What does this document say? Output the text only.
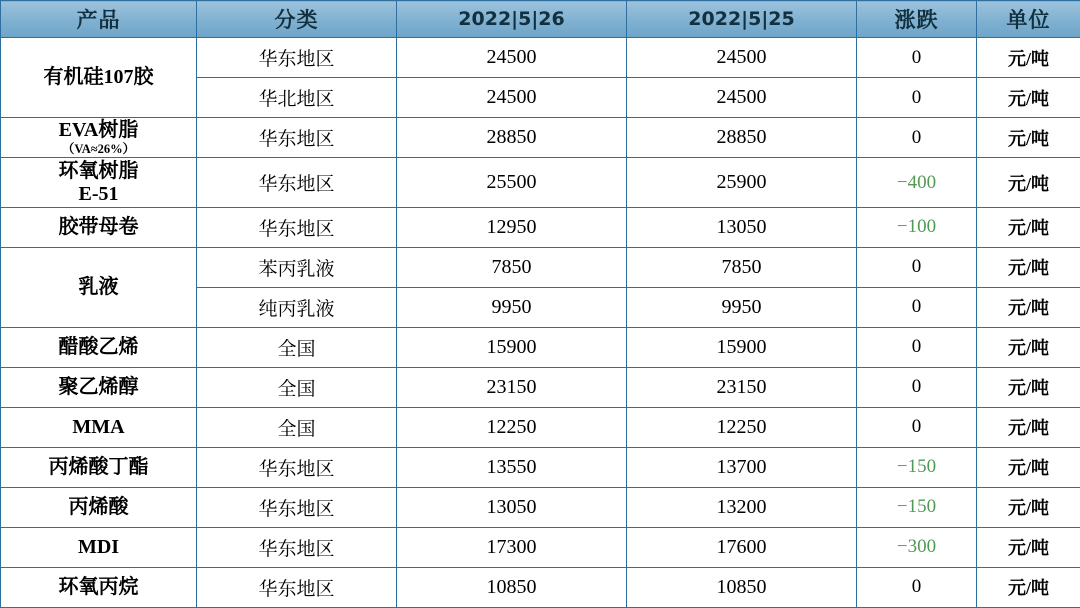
产品	分类	2022|5|26	2022|5|25	涨跌	单位
有机硅107胶	华东地区	24500	24500	0	元/吨
	华北地区	24500	24500	0	元/吨

EVA树脂
（VA≈26%）	华东地区	28850	28850	0	元/吨

环氧树脂
E-51	华东地区	25500	25900	−400	元/吨
胶带母卷	华东地区	12950	13050	−100	元/吨
乳液	苯丙乳液	7850	7850	0	元/吨
	纯丙乳液	9950	9950	0	元/吨
醋酸乙烯	全国	15900	15900	0	元/吨
聚乙烯醇	全国	23150	23150	0	元/吨
MMA	全国	12250	12250	0	元/吨
丙烯酸丁酯	华东地区	13550	13700	−150	元/吨
丙烯酸	华东地区	13050	13200	−150	元/吨
MDI	华东地区	17300	17600	−300	元/吨
环氧丙烷	华东地区	10850	10850	0	元/吨
